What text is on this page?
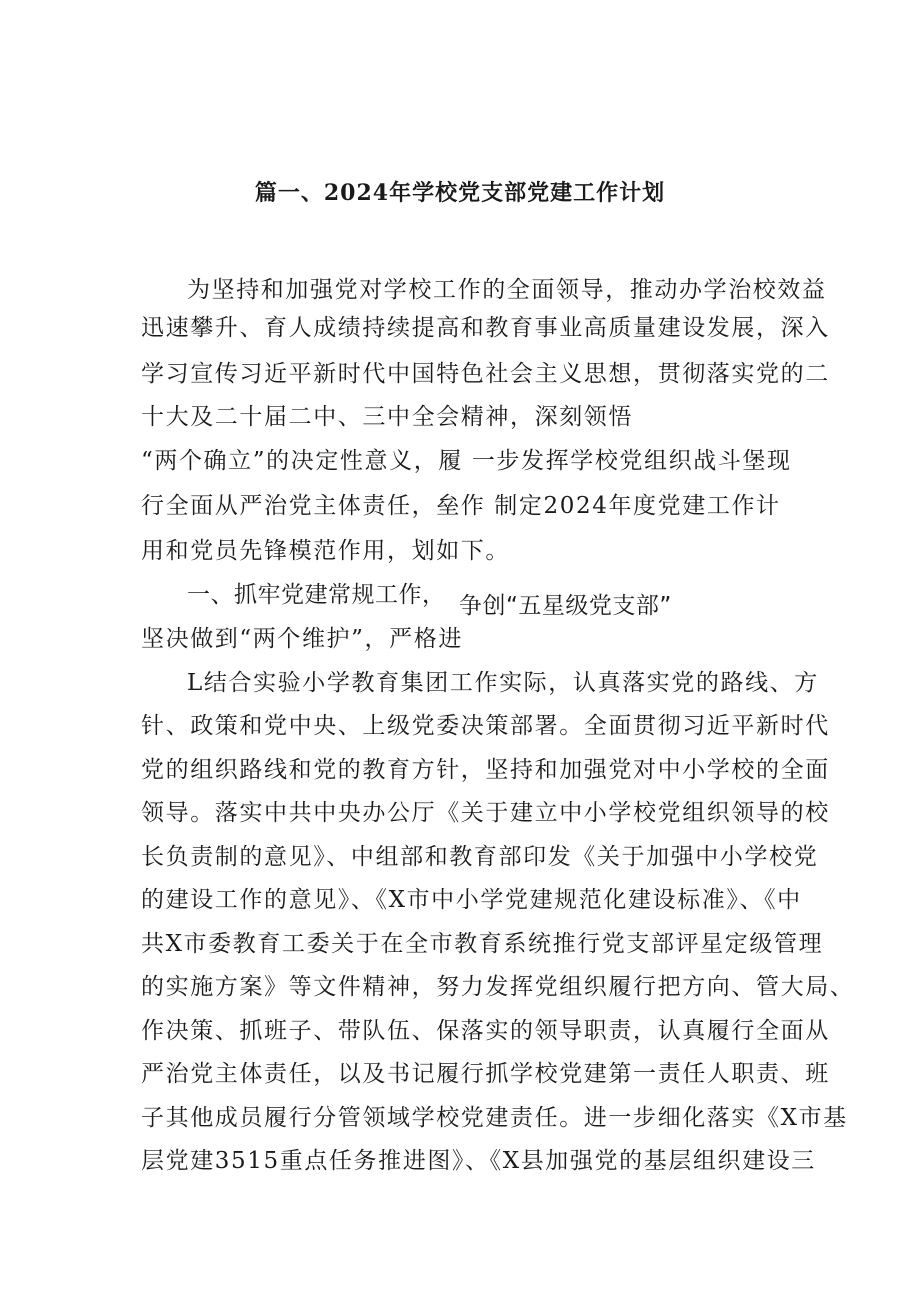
篇一、2024年学校党支部党建工作计划
为坚持和加强党对学校工作的全面领导，推动办学治校效益
迅速攀升、育人成绩持续提高和教育事业高质量建设发展，深入
学习宣传习近平新时代中国特色社会主义思想，贯彻落实党的二
十大及二十届二中、三中全会精神，深刻领悟
“两个确立”的决定性意义，履 一步发挥学校党组织战斗堡现
行全面从严治党主体责任，垒作 制定2024年度党建工作计
用和党员先锋模范作用，划如下。
一、抓牢党建常规工作， 争创“五星级党支部”
坚决做到“两个维护”，严格进
L结合实验小学教育集团工作实际，认真落实党的路线、方
针、政策和党中央、上级党委决策部署。全面贯彻习近平新时代
党的组织路线和党的教育方针，坚持和加强党对中小学校的全面
领导。落实中共中央办公厅《关于建立中小学校党组织领导的校
长负责制的意见》、中组部和教育部印发《关于加强中小学校党
的建设工作的意见》、《X市中小学党建规范化建设标准》、《中
共X市委教育工委关于在全市教育系统推行党支部评星定级管理
的实施方案》等文件精神，努力发挥党组织履行把方向、管大局、
作决策、抓班子、带队伍、保落实的领导职责，认真履行全面从
严治党主体责任，以及书记履行抓学校党建第一责任人职责、班
子其他成员履行分管领域学校党建责任。进一步细化落实《X市基
层党建3515重点任务推进图》、《X县加强党的基层组织建设三
